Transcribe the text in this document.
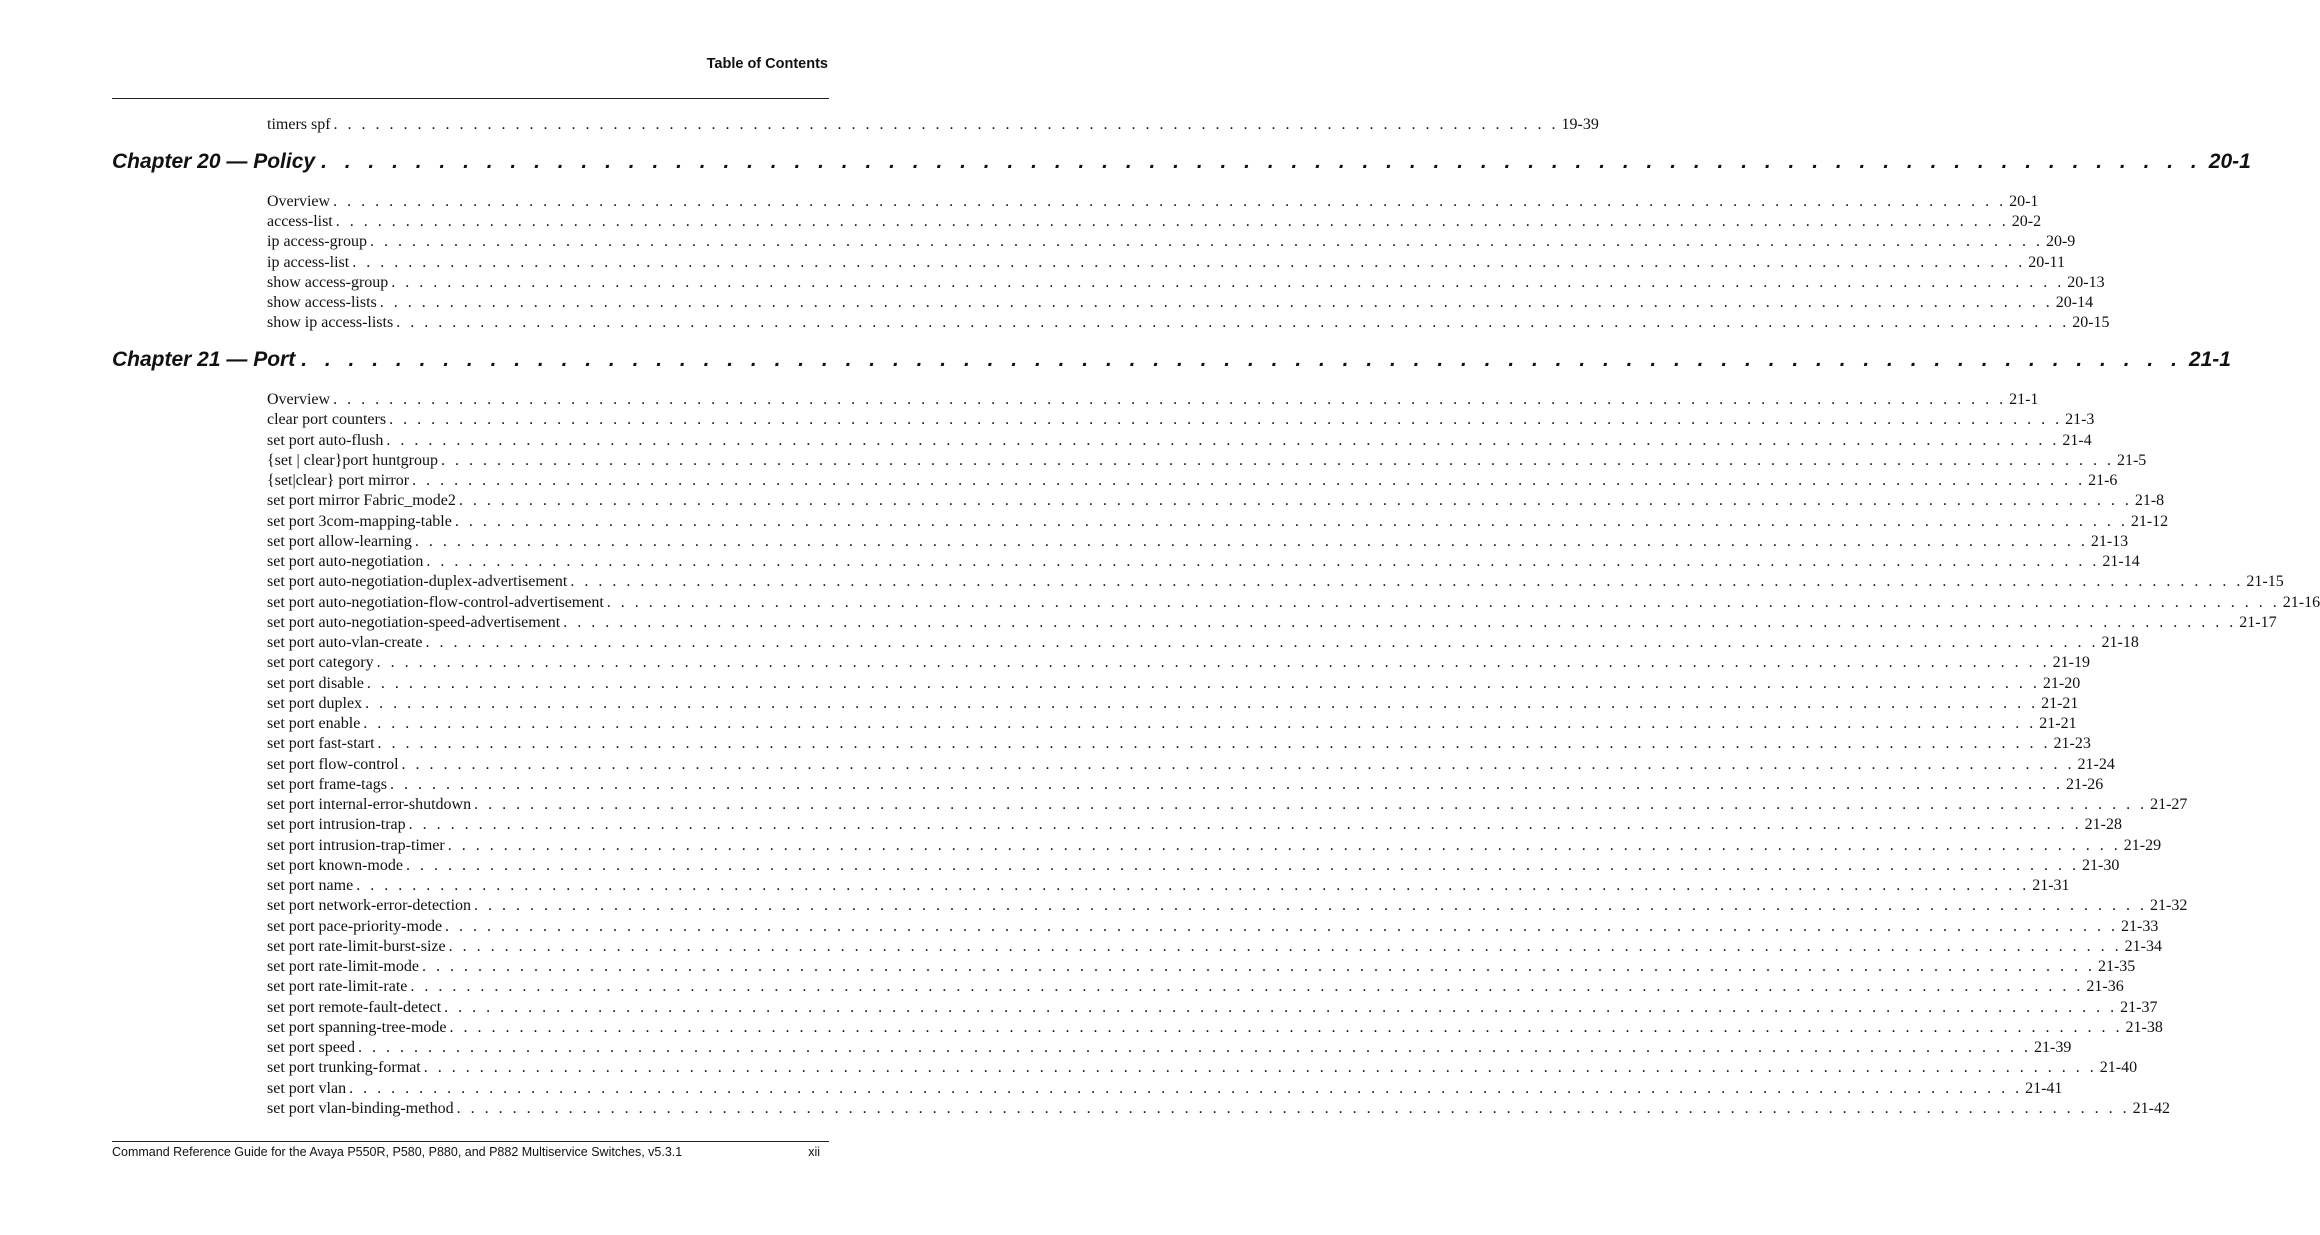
Table of Contents
timers spf . . . . . . . . . . . . . . . . . . . . . . . . . . . . . . . . . . . . . . . . . . . . . . . . . . . . . . . . . . . . . . . . . . . . . . . . . . . . . . . . . . . . . . . . 19-39
Chapter 20 — Policy . . . . . . . . . . . . . . . . . . . . . . . . . . . . . . . . . . . . . . . . . . . . . . . . . . . . . . . . . . . . . . . . . . . . . . . . . . . . . . . . 20-1
Overview . . . . . . . . . . . . . . . . . . . . . . . . . . . . . . . . . . . . . . . . . . . . . . . . . . . . . . . . . . . . . . . . . . . . . . . . . . . . . . . . . . . . . . . . . . . . . . . . . . . . . . . . . . . . . . . . . . . . . . . . 20-1
access-list . . . . . . . . . . . . . . . . . . . . . . . . . . . . . . . . . . . . . . . . . . . . . . . . . . . . . . . . . . . . . . . . . . . . . . . . . . . . . . . . . . . . . . . . . . . . . . . . . . . . . . . . . . . . . . . . . . . . . . . . 20-2
ip access-group . . . . . . . . . . . . . . . . . . . . . . . . . . . . . . . . . . . . . . . . . . . . . . . . . . . . . . . . . . . . . . . . . . . . . . . . . . . . . . . . . . . . . . . . . . . . . . . . . . . . . . . . . . . . . . . . . . . . . . . . 20-9
ip access-list . . . . . . . . . . . . . . . . . . . . . . . . . . . . . . . . . . . . . . . . . . . . . . . . . . . . . . . . . . . . . . . . . . . . . . . . . . . . . . . . . . . . . . . . . . . . . . . . . . . . . . . . . . . . . . . . . . . . . . . . 20-11
show access-group . . . . . . . . . . . . . . . . . . . . . . . . . . . . . . . . . . . . . . . . . . . . . . . . . . . . . . . . . . . . . . . . . . . . . . . . . . . . . . . . . . . . . . . . . . . . . . . . . . . . . . . . . . . . . . . . . . . . . . . . 20-13
show access-lists . . . . . . . . . . . . . . . . . . . . . . . . . . . . . . . . . . . . . . . . . . . . . . . . . . . . . . . . . . . . . . . . . . . . . . . . . . . . . . . . . . . . . . . . . . . . . . . . . . . . . . . . . . . . . . . . . . . . . . . . 20-14
show ip access-lists . . . . . . . . . . . . . . . . . . . . . . . . . . . . . . . . . . . . . . . . . . . . . . . . . . . . . . . . . . . . . . . . . . . . . . . . . . . . . . . . . . . . . . . . . . . . . . . . . . . . . . . . . . . . . . . . . . . . . . . . 20-15
Chapter 21 — Port . . . . . . . . . . . . . . . . . . . . . . . . . . . . . . . . . . . . . . . . . . . . . . . . . . . . . . . . . . . . . . . . . . . . . . . . . . . . . . . . 21-1
Overview . . . . . . . . . . . . . . . . . . . . . . . . . . . . . . . . . . . . . . . . . . . . . . . . . . . . . . . . . . . . . . . . . . . . . . . . . . . . . . . . . . . . . . . . . . . . . . . . . . . . . . . . . . . . . . . . . . . . . . . . 21-1
clear port counters . . . . . . . . . . . . . . . . . . . . . . . . . . . . . . . . . . . . . . . . . . . . . . . . . . . . . . . . . . . . . . . . . . . . . . . . . . . . . . . . . . . . . . . . . . . . . . . . . . . . . . . . . . . . . . . . . . . . . . . . 21-3
set port auto-flush . . . . . . . . . . . . . . . . . . . . . . . . . . . . . . . . . . . . . . . . . . . . . . . . . . . . . . . . . . . . . . . . . . . . . . . . . . . . . . . . . . . . . . . . . . . . . . . . . . . . . . . . . . . . . . . . . . . . . . . . 21-4
{set | clear}port huntgroup . . . . . . . . . . . . . . . . . . . . . . . . . . . . . . . . . . . . . . . . . . . . . . . . . . . . . . . . . . . . . . . . . . . . . . . . . . . . . . . . . . . . . . . . . . . . . . . . . . . . . . . . . . . . . . . . . . . . . . . . 21-5
{set|clear} port mirror . . . . . . . . . . . . . . . . . . . . . . . . . . . . . . . . . . . . . . . . . . . . . . . . . . . . . . . . . . . . . . . . . . . . . . . . . . . . . . . . . . . . . . . . . . . . . . . . . . . . . . . . . . . . . . . . . . . . . . . . 21-6
set port mirror Fabric_mode2 . . . . . . . . . . . . . . . . . . . . . . . . . . . . . . . . . . . . . . . . . . . . . . . . . . . . . . . . . . . . . . . . . . . . . . . . . . . . . . . . . . . . . . . . . . . . . . . . . . . . . . . . . . . . . . . . . . . . . . . . 21-8
set port 3com-mapping-table . . . . . . . . . . . . . . . . . . . . . . . . . . . . . . . . . . . . . . . . . . . . . . . . . . . . . . . . . . . . . . . . . . . . . . . . . . . . . . . . . . . . . . . . . . . . . . . . . . . . . . . . . . . . . . . . . . . . . . . . 21-12
set port allow-learning . . . . . . . . . . . . . . . . . . . . . . . . . . . . . . . . . . . . . . . . . . . . . . . . . . . . . . . . . . . . . . . . . . . . . . . . . . . . . . . . . . . . . . . . . . . . . . . . . . . . . . . . . . . . . . . . . . . . . . . . 21-13
set port auto-negotiation . . . . . . . . . . . . . . . . . . . . . . . . . . . . . . . . . . . . . . . . . . . . . . . . . . . . . . . . . . . . . . . . . . . . . . . . . . . . . . . . . . . . . . . . . . . . . . . . . . . . . . . . . . . . . . . . . . . . . . . . 21-14
set port auto-negotiation-duplex-advertisement . . . . . . . . . . . . . . . . . . . . . . . . . . . . . . . . . . . . . . . . . . . . . . . . . . . . . . . . . . . . . . . . . . . . . . . . . . . . . . . . . . . . . . . . . . . . . . . . . . . . . . . . . . . . . . . . . . . . . . . . 21-15
set port auto-negotiation-flow-control-advertisement . . . . . . . . . . . . . . . . . . . . . . . . . . . . . . . . . . . . . . . . . . . . . . . . . . . . . . . . . . . . . . . . . . . . . . . . . . . . . . . . . . . . . . . . . . . . . . . . . . . . . . . . . . . . . . . . . . . . . . . . 21-16
set port auto-negotiation-speed-advertisement . . . . . . . . . . . . . . . . . . . . . . . . . . . . . . . . . . . . . . . . . . . . . . . . . . . . . . . . . . . . . . . . . . . . . . . . . . . . . . . . . . . . . . . . . . . . . . . . . . . . . . . . . . . . . . . . . . . . . . . . 21-17
set port auto-vlan-create . . . . . . . . . . . . . . . . . . . . . . . . . . . . . . . . . . . . . . . . . . . . . . . . . . . . . . . . . . . . . . . . . . . . . . . . . . . . . . . . . . . . . . . . . . . . . . . . . . . . . . . . . . . . . . . . . . . . . . . . 21-18
set port category . . . . . . . . . . . . . . . . . . . . . . . . . . . . . . . . . . . . . . . . . . . . . . . . . . . . . . . . . . . . . . . . . . . . . . . . . . . . . . . . . . . . . . . . . . . . . . . . . . . . . . . . . . . . . . . . . . . . . . . . 21-19
set port disable . . . . . . . . . . . . . . . . . . . . . . . . . . . . . . . . . . . . . . . . . . . . . . . . . . . . . . . . . . . . . . . . . . . . . . . . . . . . . . . . . . . . . . . . . . . . . . . . . . . . . . . . . . . . . . . . . . . . . . . . 21-20
set port duplex . . . . . . . . . . . . . . . . . . . . . . . . . . . . . . . . . . . . . . . . . . . . . . . . . . . . . . . . . . . . . . . . . . . . . . . . . . . . . . . . . . . . . . . . . . . . . . . . . . . . . . . . . . . . . . . . . . . . . . . . 21-21
set port enable . . . . . . . . . . . . . . . . . . . . . . . . . . . . . . . . . . . . . . . . . . . . . . . . . . . . . . . . . . . . . . . . . . . . . . . . . . . . . . . . . . . . . . . . . . . . . . . . . . . . . . . . . . . . . . . . . . . . . . . . 21-21
set port fast-start . . . . . . . . . . . . . . . . . . . . . . . . . . . . . . . . . . . . . . . . . . . . . . . . . . . . . . . . . . . . . . . . . . . . . . . . . . . . . . . . . . . . . . . . . . . . . . . . . . . . . . . . . . . . . . . . . . . . . . . . 21-23
set port flow-control . . . . . . . . . . . . . . . . . . . . . . . . . . . . . . . . . . . . . . . . . . . . . . . . . . . . . . . . . . . . . . . . . . . . . . . . . . . . . . . . . . . . . . . . . . . . . . . . . . . . . . . . . . . . . . . . . . . . . . . . 21-24
set port frame-tags . . . . . . . . . . . . . . . . . . . . . . . . . . . . . . . . . . . . . . . . . . . . . . . . . . . . . . . . . . . . . . . . . . . . . . . . . . . . . . . . . . . . . . . . . . . . . . . . . . . . . . . . . . . . . . . . . . . . . . . . 21-26
set port internal-error-shutdown . . . . . . . . . . . . . . . . . . . . . . . . . . . . . . . . . . . . . . . . . . . . . . . . . . . . . . . . . . . . . . . . . . . . . . . . . . . . . . . . . . . . . . . . . . . . . . . . . . . . . . . . . . . . . . . . . . . . . . . . 21-27
set port intrusion-trap . . . . . . . . . . . . . . . . . . . . . . . . . . . . . . . . . . . . . . . . . . . . . . . . . . . . . . . . . . . . . . . . . . . . . . . . . . . . . . . . . . . . . . . . . . . . . . . . . . . . . . . . . . . . . . . . . . . . . . . . 21-28
set port intrusion-trap-timer . . . . . . . . . . . . . . . . . . . . . . . . . . . . . . . . . . . . . . . . . . . . . . . . . . . . . . . . . . . . . . . . . . . . . . . . . . . . . . . . . . . . . . . . . . . . . . . . . . . . . . . . . . . . . . . . . . . . . . . . 21-29
set port known-mode . . . . . . . . . . . . . . . . . . . . . . . . . . . . . . . . . . . . . . . . . . . . . . . . . . . . . . . . . . . . . . . . . . . . . . . . . . . . . . . . . . . . . . . . . . . . . . . . . . . . . . . . . . . . . . . . . . . . . . . . 21-30
set port name . . . . . . . . . . . . . . . . . . . . . . . . . . . . . . . . . . . . . . . . . . . . . . . . . . . . . . . . . . . . . . . . . . . . . . . . . . . . . . . . . . . . . . . . . . . . . . . . . . . . . . . . . . . . . . . . . . . . . . . . 21-31
set port network-error-detection . . . . . . . . . . . . . . . . . . . . . . . . . . . . . . . . . . . . . . . . . . . . . . . . . . . . . . . . . . . . . . . . . . . . . . . . . . . . . . . . . . . . . . . . . . . . . . . . . . . . . . . . . . . . . . . . . . . . . . . . 21-32
set port pace-priority-mode . . . . . . . . . . . . . . . . . . . . . . . . . . . . . . . . . . . . . . . . . . . . . . . . . . . . . . . . . . . . . . . . . . . . . . . . . . . . . . . . . . . . . . . . . . . . . . . . . . . . . . . . . . . . . . . . . . . . . . . . 21-33
set port rate-limit-burst-size . . . . . . . . . . . . . . . . . . . . . . . . . . . . . . . . . . . . . . . . . . . . . . . . . . . . . . . . . . . . . . . . . . . . . . . . . . . . . . . . . . . . . . . . . . . . . . . . . . . . . . . . . . . . . . . . . . . . . . . . 21-34
set port rate-limit-mode . . . . . . . . . . . . . . . . . . . . . . . . . . . . . . . . . . . . . . . . . . . . . . . . . . . . . . . . . . . . . . . . . . . . . . . . . . . . . . . . . . . . . . . . . . . . . . . . . . . . . . . . . . . . . . . . . . . . . . . . 21-35
set port rate-limit-rate . . . . . . . . . . . . . . . . . . . . . . . . . . . . . . . . . . . . . . . . . . . . . . . . . . . . . . . . . . . . . . . . . . . . . . . . . . . . . . . . . . . . . . . . . . . . . . . . . . . . . . . . . . . . . . . . . . . . . . . . 21-36
set port remote-fault-detect . . . . . . . . . . . . . . . . . . . . . . . . . . . . . . . . . . . . . . . . . . . . . . . . . . . . . . . . . . . . . . . . . . . . . . . . . . . . . . . . . . . . . . . . . . . . . . . . . . . . . . . . . . . . . . . . . . . . . . . . 21-37
set port spanning-tree-mode . . . . . . . . . . . . . . . . . . . . . . . . . . . . . . . . . . . . . . . . . . . . . . . . . . . . . . . . . . . . . . . . . . . . . . . . . . . . . . . . . . . . . . . . . . . . . . . . . . . . . . . . . . . . . . . . . . . . . . . . 21-38
set port speed . . . . . . . . . . . . . . . . . . . . . . . . . . . . . . . . . . . . . . . . . . . . . . . . . . . . . . . . . . . . . . . . . . . . . . . . . . . . . . . . . . . . . . . . . . . . . . . . . . . . . . . . . . . . . . . . . . . . . . . . 21-39
set port trunking-format . . . . . . . . . . . . . . . . . . . . . . . . . . . . . . . . . . . . . . . . . . . . . . . . . . . . . . . . . . . . . . . . . . . . . . . . . . . . . . . . . . . . . . . . . . . . . . . . . . . . . . . . . . . . . . . . . . . . . . . . 21-40
set port vlan . . . . . . . . . . . . . . . . . . . . . . . . . . . . . . . . . . . . . . . . . . . . . . . . . . . . . . . . . . . . . . . . . . . . . . . . . . . . . . . . . . . . . . . . . . . . . . . . . . . . . . . . . . . . . . . . . . . . . . . . 21-41
set port vlan-binding-method . . . . . . . . . . . . . . . . . . . . . . . . . . . . . . . . . . . . . . . . . . . . . . . . . . . . . . . . . . . . . . . . . . . . . . . . . . . . . . . . . . . . . . . . . . . . . . . . . . . . . . . . . . . . . . . . . . . . . . . . 21-42
Command Reference Guide for the Avaya P550R, P580, P880, and P882 Multiservice Switches, v5.3.1	xii
